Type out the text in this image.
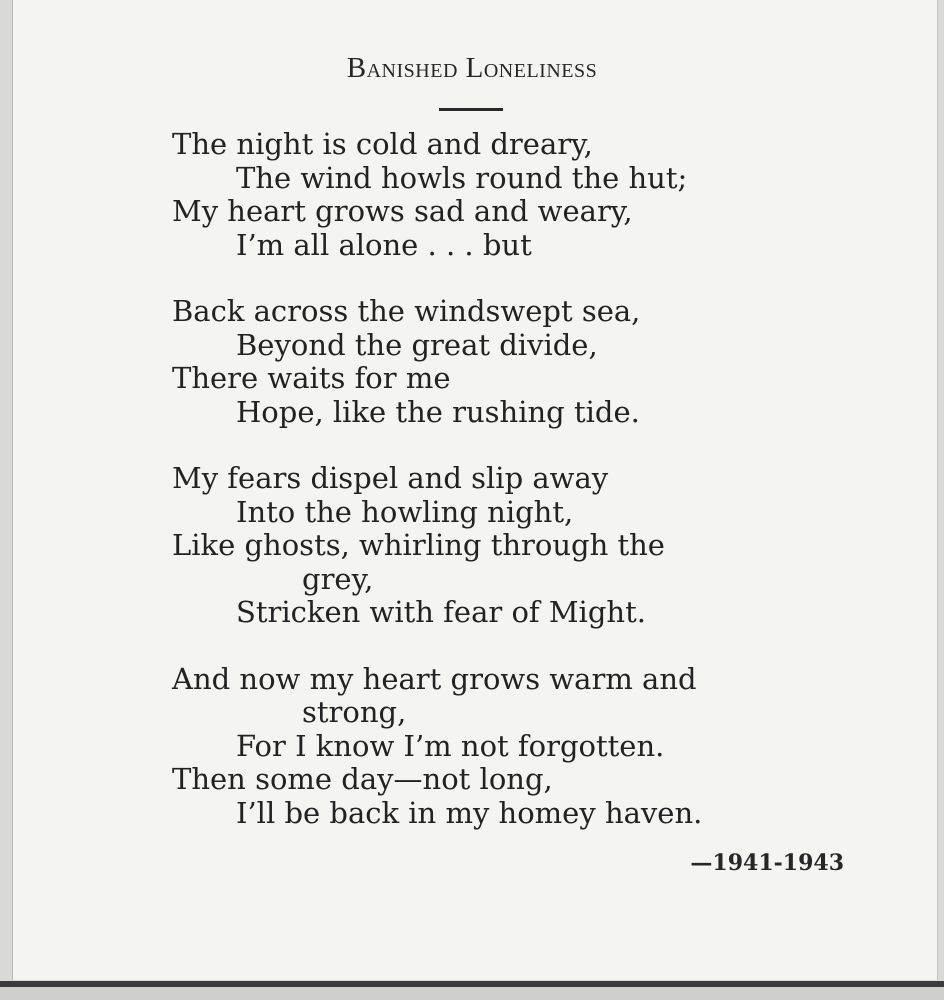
Banished Loneliness
The night is cold and dreary,
The wind howls round the hut;
My heart grows sad and weary,
I’m all alone . . . but
Back across the windswept sea,
Beyond the great divide,
There waits for me
Hope, like the rushing tide.
My fears dispel and slip away
Into the howling night,
Like ghosts, whirling through the
grey,
Stricken with fear of Might.
And now my heart grows warm and
strong,
For I know I’m not forgotten.
Then some day—not long,
I’ll be back in my homey haven.
—1941-1943
